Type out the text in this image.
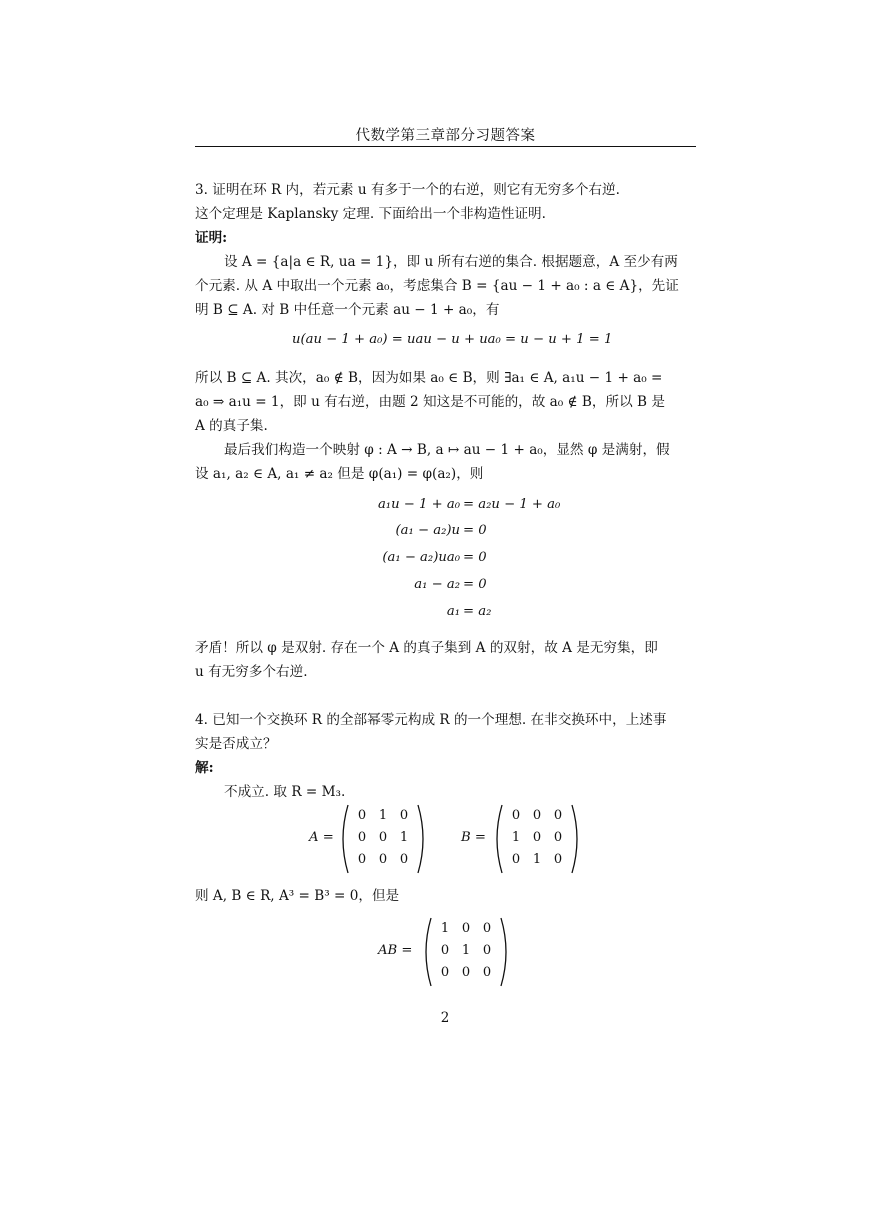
代数学第三章部分习题答案
3. 证明在环 R 内，若元素 u 有多于一个的右逆，则它有无穷多个右逆.
这个定理是 Kaplansky 定理. 下面给出一个非构造性证明.
证明:
设 A = {a|a ∈ R, ua = 1}，即 u 所有右逆的集合. 根据题意，A 至少有两
个元素. 从 A 中取出一个元素 a₀，考虑集合 B = {au − 1 + a₀ : a ∈ A}，先证
明 B ⊆ A. 对 B 中任意一个元素 au − 1 + a₀，有
u(au − 1 + a₀) = uau − u + ua₀ = u − u + 1 = 1
所以 B ⊆ A. 其次，a₀ ∉ B，因为如果 a₀ ∈ B，则 ∃a₁ ∈ A, a₁u − 1 + a₀ =
a₀ ⇒ a₁u = 1，即 u 有右逆，由题 2 知这是不可能的，故 a₀ ∉ B，所以 B 是
A 的真子集.
最后我们构造一个映射 φ : A → B, a ↦ au − 1 + a₀，显然 φ 是满射，假
设 a₁, a₂ ∈ A, a₁ ≠ a₂ 但是 φ(a₁) = φ(a₂)，则
a₁u − 1 + a₀ = a₂u − 1 + a₀
(a₁ − a₂)u = 0
(a₁ − a₂)ua₀ = 0
a₁ − a₂ = 0
a₁ = a₂
矛盾！所以 φ 是双射. 存在一个 A 的真子集到 A 的双射，故 A 是无穷集，即
u 有无穷多个右逆.
4. 已知一个交换环 R 的全部幂零元构成 R 的一个理想. 在非交换环中，上述事
实是否成立？
解:
不成立. 取 R = M₃.
A =
0 1 0
0 0 1
0 0 0
B =
0 0 0
1 0 0
0 1 0
则 A, B ∈ R, A³ = B³ = 0，但是
AB =
1 0 0
0 1 0
0 0 0
2
